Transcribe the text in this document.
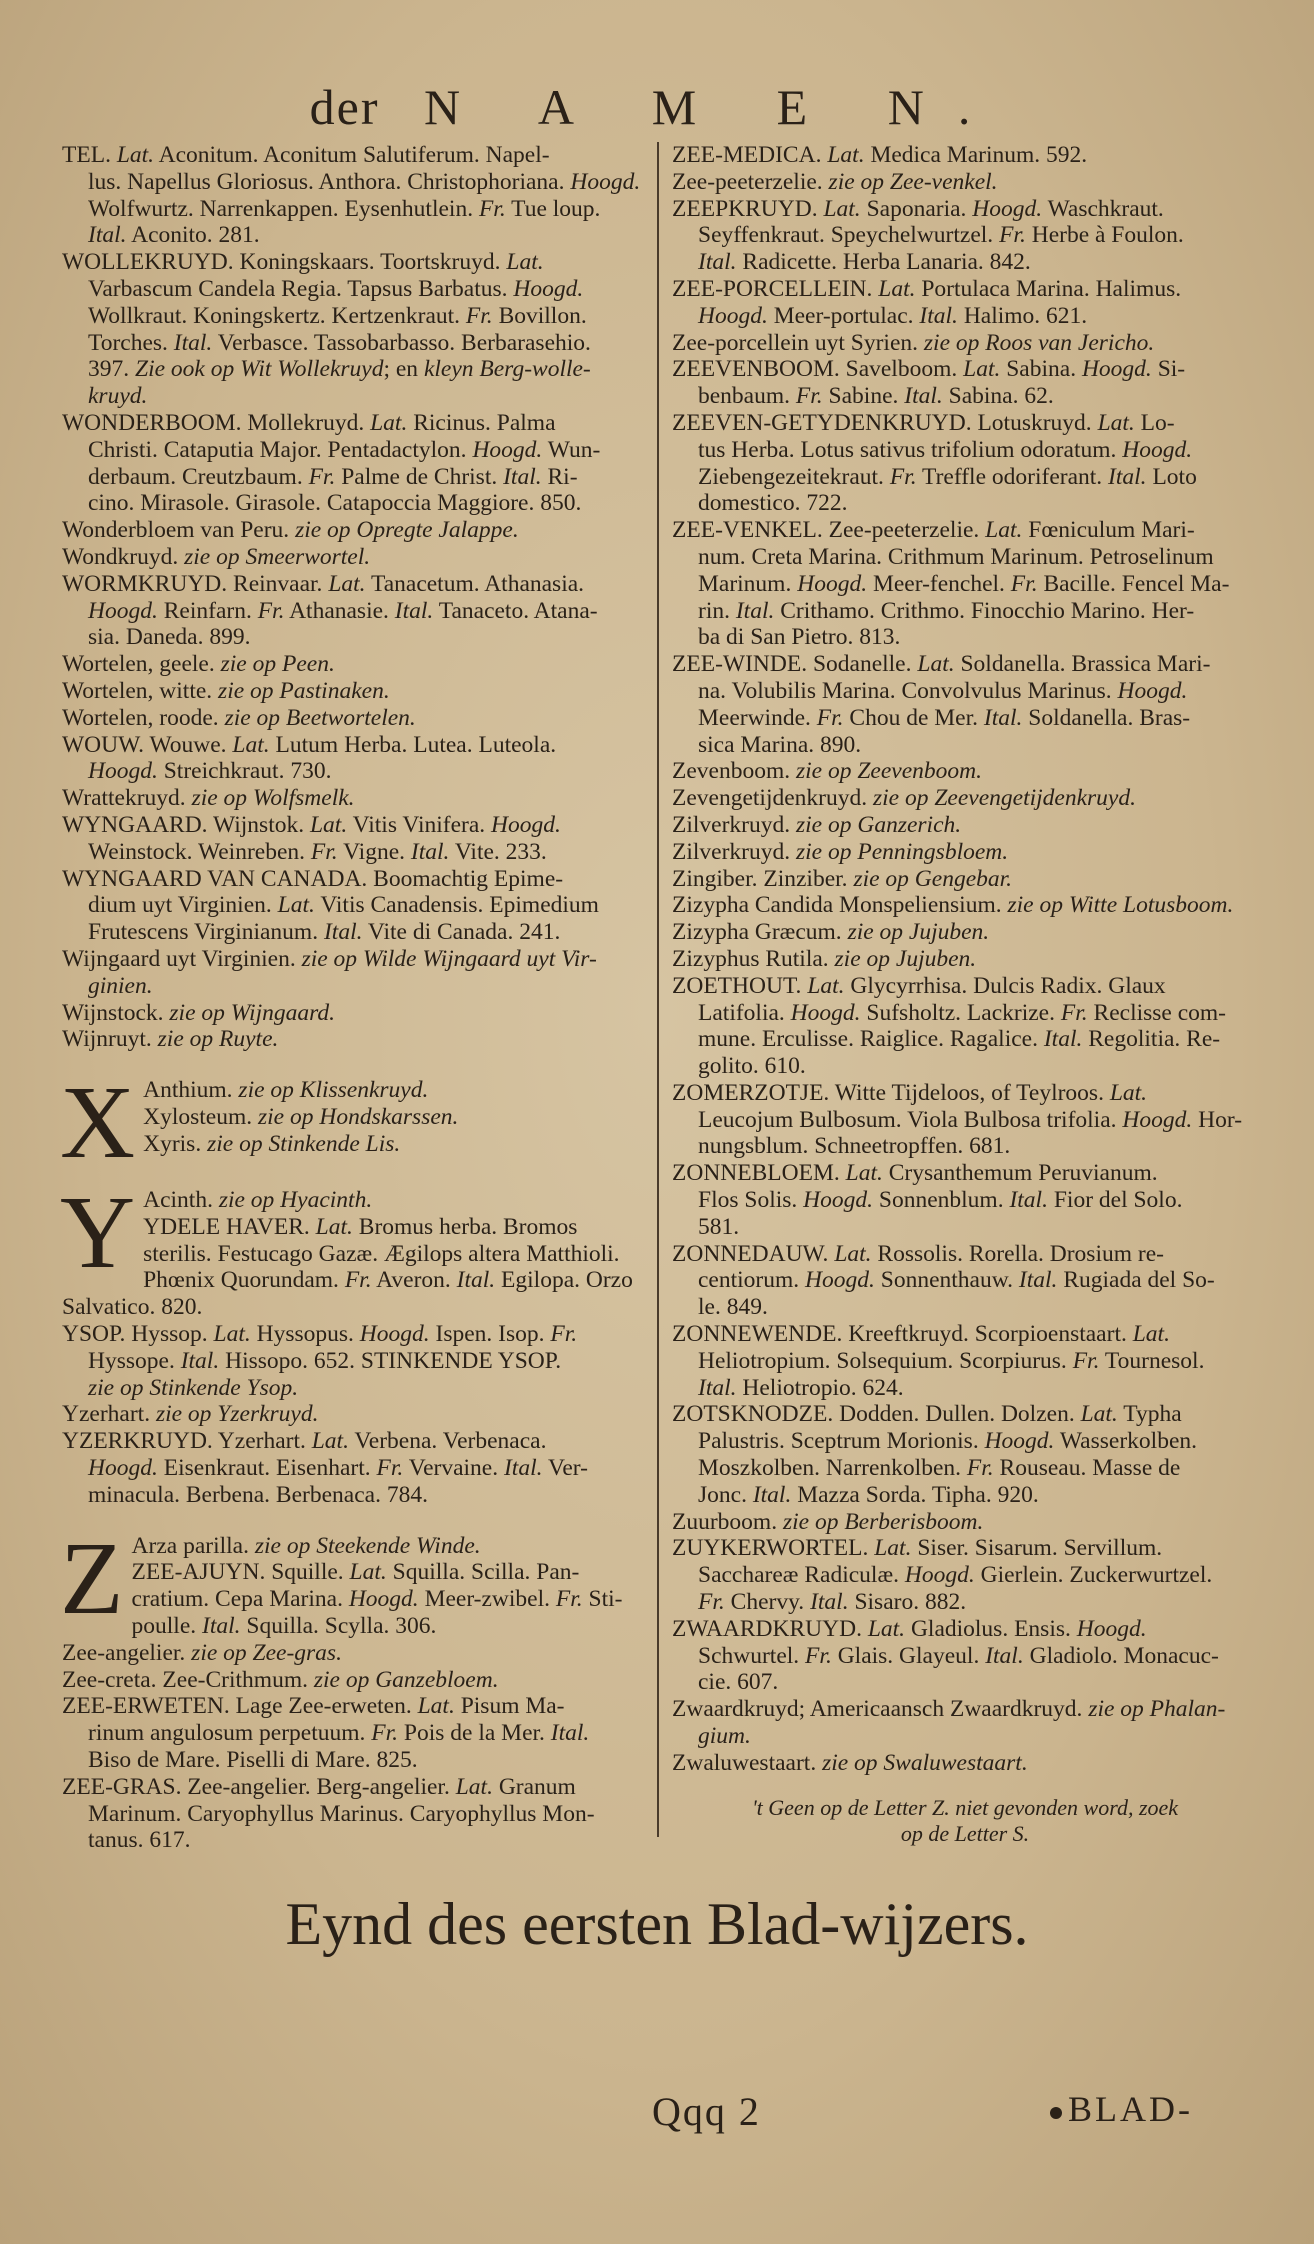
der N A M E N.

TEL. Lat. Aconitum. Aconitum Salutiferum. Napel-

lus. Napellus Gloriosus. Anthora. Christophoriana. Hoogd.

Wolfwurtz. Narrenkappen. Eysenhutlein. Fr. Tue loup.

Ital. Aconito. 281.

WOLLEKRUYD. Koningskaars. Toortskruyd. Lat.

Varbascum Candela Regia. Tapsus Barbatus. Hoogd.

Wollkraut. Koningskertz. Kertzenkraut. Fr. Bovillon.

Torches. Ital. Verbasce. Tassobarbasso. Berbarasehio.

397. Zie ook op Wit Wollekruyd; en kleyn Berg-wolle-

kruyd.

WONDERBOOM. Mollekruyd. Lat. Ricinus. Palma

Christi. Cataputia Major. Pentadactylon. Hoogd. Wun-

derbaum. Creutzbaum. Fr. Palme de Christ. Ital. Ri-

cino. Mirasole. Girasole. Catapoccia Maggiore. 850.

Wonderbloem van Peru. zie op Opregte Jalappe.

Wondkruyd. zie op Smeerwortel.

WORMKRUYD. Reinvaar. Lat. Tanacetum. Athanasia.

Hoogd. Reinfarn. Fr. Athanasie. Ital. Tanaceto. Atana-

sia. Daneda. 899.

Wortelen, geele. zie op Peen.

Wortelen, witte. zie op Pastinaken.

Wortelen, roode. zie op Beetwortelen.

WOUW. Wouwe. Lat. Lutum Herba. Lutea. Luteola.

Hoogd. Streichkraut. 730.

Wrattekruyd. zie op Wolfsmelk.

WYNGAARD. Wijnstok. Lat. Vitis Vinifera. Hoogd.

Weinstock. Weinreben. Fr. Vigne. Ital. Vite. 233.

WYNGAARD VAN CANADA. Boomachtig Epime-

dium uyt Virginien. Lat. Vitis Canadensis. Epimedium

Frutescens Virginianum. Ital. Vite di Canada. 241.

Wijngaard uyt Virginien. zie op Wilde Wijngaard uyt Vir-

ginien.

Wijnstock. zie op Wijngaard.

Wijnruyt. zie op Ruyte.

X Anthium. zie op Klissenkruyd.

Xylosteum. zie op Hondskarssen.

Xyris. zie op Stinkende Lis.

Y Acinth. zie op Hyacinth.

YDELE HAVER. Lat. Bromus herba. Bromos

sterilis. Festucago Gazæ. Ægilops altera Matthioli.

Phœnix Quorundam. Fr. Averon. Ital. Egilopa. Orzo

Salvatico. 820.

YSOP. Hyssop. Lat. Hyssopus. Hoogd. Ispen. Isop. Fr.

Hyssope. Ital. Hissopo. 652. STINKENDE YSOP.

zie op Stinkende Ysop.

Yzerhart. zie op Yzerkruyd.

YZERKRUYD. Yzerhart. Lat. Verbena. Verbenaca.

Hoogd. Eisenkraut. Eisenhart. Fr. Vervaine. Ital. Ver-

minacula. Berbena. Berbenaca. 784.

Z Arza parilla. zie op Steekende Winde.

ZEE-AJUYN. Squille. Lat. Squilla. Scilla. Pan-

cratium. Cepa Marina. Hoogd. Meer-zwibel. Fr. Sti-

poulle. Ital. Squilla. Scylla. 306.

Zee-angelier. zie op Zee-gras.

Zee-creta. Zee-Crithmum. zie op Ganzebloem.

ZEE-ERWETEN. Lage Zee-erweten. Lat. Pisum Ma-

rinum angulosum perpetuum. Fr. Pois de la Mer. Ital.

Biso de Mare. Piselli di Mare. 825.

ZEE-GRAS. Zee-angelier. Berg-angelier. Lat. Granum

Marinum. Caryophyllus Marinus. Caryophyllus Mon-

tanus. 617.

ZEE-MEDICA. Lat. Medica Marinum. 592.

Zee-peeterzelie. zie op Zee-venkel.

ZEEPKRUYD. Lat. Saponaria. Hoogd. Waschkraut.

Seyffenkraut. Speychelwurtzel. Fr. Herbe à Foulon.

Ital. Radicette. Herba Lanaria. 842.

ZEE-PORCELLEIN. Lat. Portulaca Marina. Halimus.

Hoogd. Meer-portulac. Ital. Halimo. 621.

Zee-porcellein uyt Syrien. zie op Roos van Jericho.

ZEEVENBOOM. Savelboom. Lat. Sabina. Hoogd. Si-

benbaum. Fr. Sabine. Ital. Sabina. 62.

ZEEVEN-GETYDENKRUYD. Lotuskruyd. Lat. Lo-

tus Herba. Lotus sativus trifolium odoratum. Hoogd.

Ziebengezeitekraut. Fr. Treffle odoriferant. Ital. Loto

domestico. 722.

ZEE-VENKEL. Zee-peeterzelie. Lat. Fœniculum Mari-

num. Creta Marina. Crithmum Marinum. Petroselinum

Marinum. Hoogd. Meer-fenchel. Fr. Bacille. Fencel Ma-

rin. Ital. Crithamo. Crithmo. Finocchio Marino. Her-

ba di San Pietro. 813.

ZEE-WINDE. Sodanelle. Lat. Soldanella. Brassica Mari-

na. Volubilis Marina. Convolvulus Marinus. Hoogd.

Meerwinde. Fr. Chou de Mer. Ital. Soldanella. Bras-

sica Marina. 890.

Zevenboom. zie op Zeevenboom.

Zevengetijdenkruyd. zie op Zeevengetijdenkruyd.

Zilverkruyd. zie op Ganzerich.

Zilverkruyd. zie op Penningsbloem.

Zingiber. Zinziber. zie op Gengebar.

Zizypha Candida Monspeliensium. zie op Witte Lotusboom.

Zizypha Græcum. zie op Jujuben.

Zizyphus Rutila. zie op Jujuben.

ZOETHOUT. Lat. Glycyrrhisa. Dulcis Radix. Glaux

Latifolia. Hoogd. Sufsholtz. Lackrize. Fr. Reclisse com-

mune. Erculisse. Raiglice. Ragalice. Ital. Regolitia. Re-

golito. 610.

ZOMERZOTJE. Witte Tijdeloos, of Teylroos. Lat.

Leucojum Bulbosum. Viola Bulbosa trifolia. Hoogd. Hor-

nungsblum. Schneetropffen. 681.

ZONNEBLOEM. Lat. Crysanthemum Peruvianum.

Flos Solis. Hoogd. Sonnenblum. Ital. Fior del Solo.

581.

ZONNEDAUW. Lat. Rossolis. Rorella. Drosium re-

centiorum. Hoogd. Sonnenthauw. Ital. Rugiada del So-

le. 849.

ZONNEWENDE. Kreeftkruyd. Scorpioenstaart. Lat.

Heliotropium. Solsequium. Scorpiurus. Fr. Tournesol.

Ital. Heliotropio. 624.

ZOTSKNODZE. Dodden. Dullen. Dolzen. Lat. Typha

Palustris. Sceptrum Morionis. Hoogd. Wasserkolben.

Moszkolben. Narrenkolben. Fr. Rouseau. Masse de

Jonc. Ital. Mazza Sorda. Tipha. 920.

Zuurboom. zie op Berberisboom.

ZUYKERWORTEL. Lat. Siser. Sisarum. Servillum.

Sacchareæ Radiculæ. Hoogd. Gierlein. Zuckerwurtzel.

Fr. Chervy. Ital. Sisaro. 882.

ZWAARDKRUYD. Lat. Gladiolus. Ensis. Hoogd.

Schwurtel. Fr. Glais. Glayeul. Ital. Gladiolo. Monacuc-

cie. 607.

Zwaardkruyd; Americaansch Zwaardkruyd. zie op Phalan-

gium.

Zwaluwestaart. zie op Swaluwestaart.

't Geen op de Letter Z. niet gevonden word, zoek
op de Letter S.
Eynd des eersten Blad-wijzers.
Qqq 2	BLAD-
